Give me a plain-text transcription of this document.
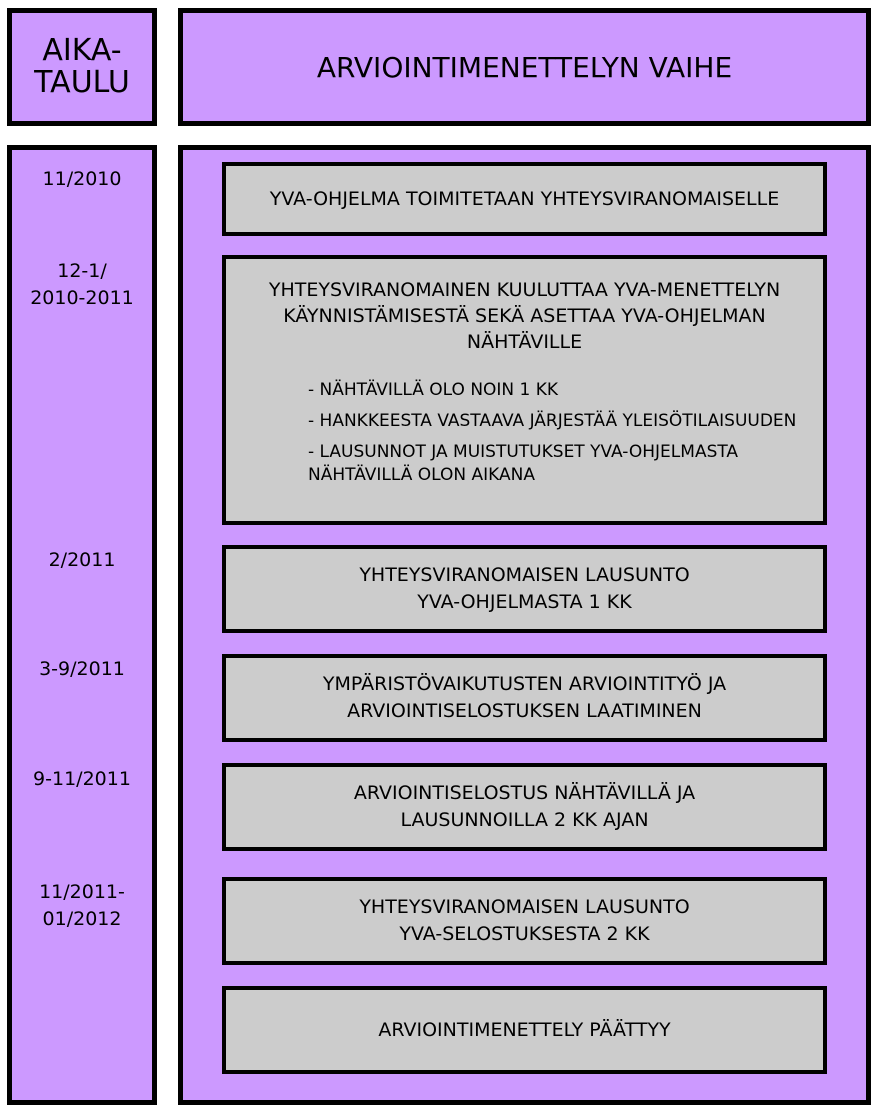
AIKA-
TAULU	ARVIOINTIMENETTELYN VAIHE
11/2010
12-1/
2010-2011
2/2011
3-9/2011
9-11/2011
11/2011-
01/2012
YVA-OHJELMA TOIMITETAAN YHTEYSVIRANOMAISELLE
YHTEYSVIRANOMAINEN KUULUTTAA YVA-MENETTELYN
KÄYNNISTÄMISESTÄ SEKÄ ASETTAA YVA-OHJELMAN
NÄHTÄVILLE
- NÄHTÄVILLÄ OLO NOIN 1 KK
- HANKKEESTA VASTAAVA JÄRJESTÄÄ YLEISÖTILAISUUDEN
- LAUSUNNOT JA MUISTUTUKSET YVA-OHJELMASTA NÄHTÄVILLÄ OLON AIKANA
YHTEYSVIRANOMAISEN LAUSUNTO
YVA-OHJELMASTA 1 KK
YMPÄRISTÖVAIKUTUSTEN ARVIOINTITYÖ JA
ARVIOINTISELOSTUKSEN LAATIMINEN
ARVIOINTISELOSTUS NÄHTÄVILLÄ JA
LAUSUNNOILLA 2 KK AJAN
YHTEYSVIRANOMAISEN LAUSUNTO
YVA-SELOSTUKSESTA 2 KK
ARVIOINTIMENETTELY PÄÄTTYY
